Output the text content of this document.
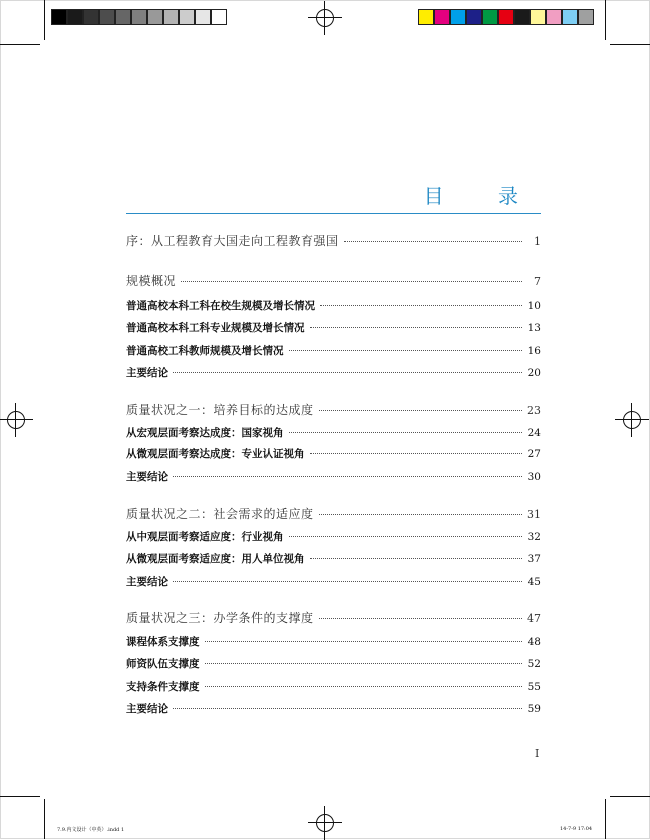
目 录
序：从工程教育大国走向工程教育强国	1
规模概况	7
普通高校本科工科在校生规模及增长情况	10
普通高校本科工科专业规模及增长情况	13
普通高校工科教师规模及增长情况	16
主要结论	20
质量状况之一：培养目标的达成度	23
从宏观层面考察达成度：国家视角	24
从微观层面考察达成度：专业认证视角	27
主要结论	30
质量状况之二：社会需求的适应度	31
从中观层面考察适应度：行业视角	32
从微观层面考察适应度：用人单位视角	37
主要结论	45
质量状况之三：办学条件的支撑度	47
课程体系支撑度	48
师资队伍支撑度	52
支持条件支撑度	55
主要结论	59
I
7.9.内文设计（中英）.indd 1	14-7-9 17:04
